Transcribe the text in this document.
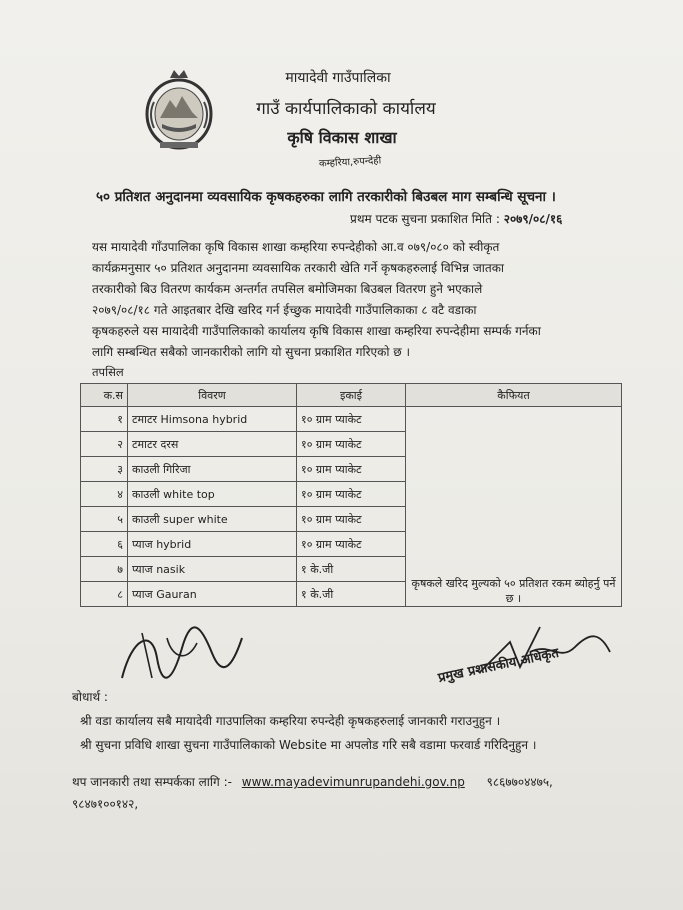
मायादेवी गाउँपालिका
गाउँ कार्यपालिकाको कार्यालय
कृषि विकास शाखा
कम्हरिया,रुपन्देही
५० प्रतिशत अनुदानमा व्यवसायिक कृषकहरुका लागि तरकारीको बिउबल माग सम्बन्धि सूचना ।
प्रथम पटक सुचना प्रकाशित मिति : २०७९/०८/१६
यस मायादेवी गाँउपालिका कृषि विकास शाखा कम्हरिया रुपन्देहीको आ.व ०७९/०८० को स्वीकृत
कार्यक्रमनुसार ५० प्रतिशत अनुदानमा व्यवसायिक तरकारी खेति गर्ने कृषकहरुलाई विभिन्न जातका
तरकारीको बिउ वितरण कार्यकम अन्तर्गत तपसिल बमोजिमका बिउबल वितरण हुने भएकाले
२०७९/०८/१८ गते आइतबार देखि खरिद गर्न ईच्छुक मायादेवी गाउँपालिकाका ८ वटै वडाका
कृषकहरुले यस मायादेवी गाउँपालिकाको कार्यालय कृषि विकास शाखा कम्हरिया रुपन्देहीमा सम्पर्क गर्नका
लागि सम्बन्धित सबैको जानकारीको लागि यो सुचना प्रकाशित गरिएको छ ।
तपसिल
क.स	विवरण	इकाई	कैफियत
१	टमाटर Himsona hybrid	१० ग्राम प्याकेट	कृषकले खरिद मुल्यको ५० प्रतिशत रकम ब्योहर्नु पर्ने छ ।
२	टमाटर दरस	१० ग्राम प्याकेट	
३	काउली गिरिजा	१० ग्राम प्याकेट	
४	काउली white top	१० ग्राम प्याकेट	
५	काउली super white	१० ग्राम प्याकेट	
६	प्याज hybrid	१० ग्राम प्याकेट	
७	प्याज nasik	१ के.जी	
८	प्याज Gauran	१ के.जी	
प्रमुख प्रशासकीय अधिकृत
बोधार्थ :
श्री वडा कार्यालय सबै मायादेवी गाउपालिका कम्हरिया रुपन्देही कृषकहरुलाई जानकारी गराउनुहुन ।
श्री सुचना प्रविधि शाखा सुचना गाउँपालिकाको Website मा अपलोड गरि सबै वडामा फरवार्ड गरिदिनुहुन ।
थप जानकारी तथा सम्पर्कका लागि :- www.mayadevimunrupandehi.gov.np ९८६७७०४४७५,
९८४७१००१४२,
